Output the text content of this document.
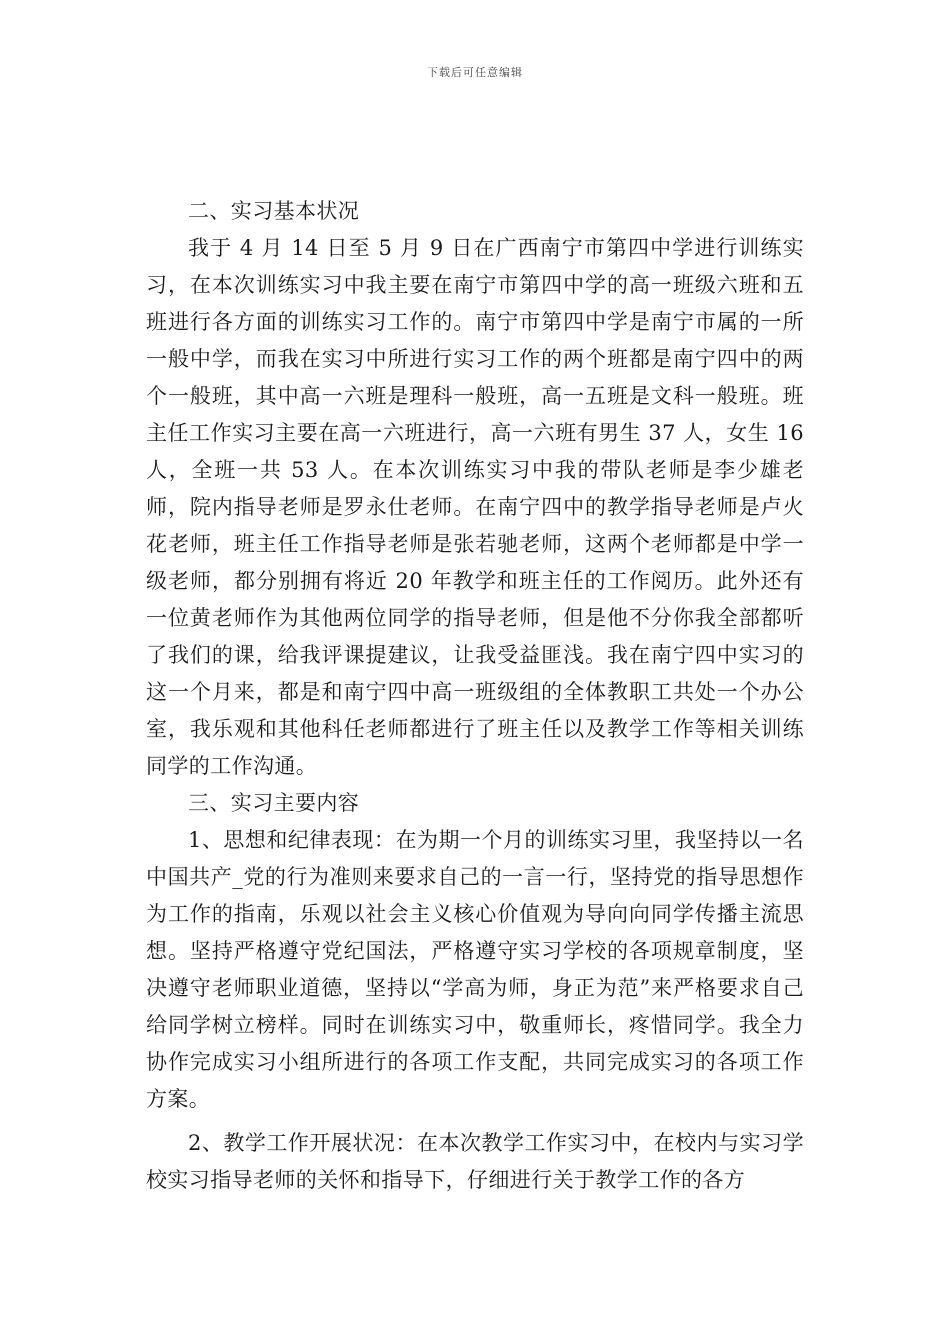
下载后可任意编辑

二、实习基本状况

我于 4 月 14 日至 5 月 9 日在广西南宁市第四中学进行训练实习，在本次训练实习中我主要在南宁市第四中学的高一班级六班和五班进行各方面的训练实习工作的。南宁市第四中学是南宁市属的一所一般中学，而我在实习中所进行实习工作的两个班都是南宁四中的两个一般班，其中高一六班是理科一般班，高一五班是文科一般班。班主任工作实习主要在高一六班进行，高一六班有男生 37 人，女生 16 人，全班一共 53 人。在本次训练实习中我的带队老师是李少雄老师，院内指导老师是罗永仕老师。在南宁四中的教学指导老师是卢火花老师，班主任工作指导老师是张若驰老师，这两个老师都是中学一级老师，都分别拥有将近 20 年教学和班主任的工作阅历。此外还有一位黄老师作为其他两位同学的指导老师，但是他不分你我全部都听了我们的课，给我评课提建议，让我受益匪浅。我在南宁四中实习的这一个月来，都是和南宁四中高一班级组的全体教职工共处一个办公室，我乐观和其他科任老师都进行了班主任以及教学工作等相关训练同学的工作沟通。

三、实习主要内容

1、思想和纪律表现：在为期一个月的训练实习里，我坚持以一名中国共产_党的行为准则来要求自己的一言一行，坚持党的指导思想作为工作的指南，乐观以社会主义核心价值观为导向向同学传播主流思想。坚持严格遵守党纪国法，严格遵守实习学校的各项规章制度，坚决遵守老师职业道德，坚持以“学高为师，身正为范”来严格要求自己给同学树立榜样。同时在训练实习中，敬重师长，疼惜同学。我全力协作完成实习小组所进行的各项工作支配，共同完成实习的各项工作方案。

2、教学工作开展状况：在本次教学工作实习中，在校内与实习学校实习指导老师的关怀和指导下，仔细进行关于教学工作的各方
